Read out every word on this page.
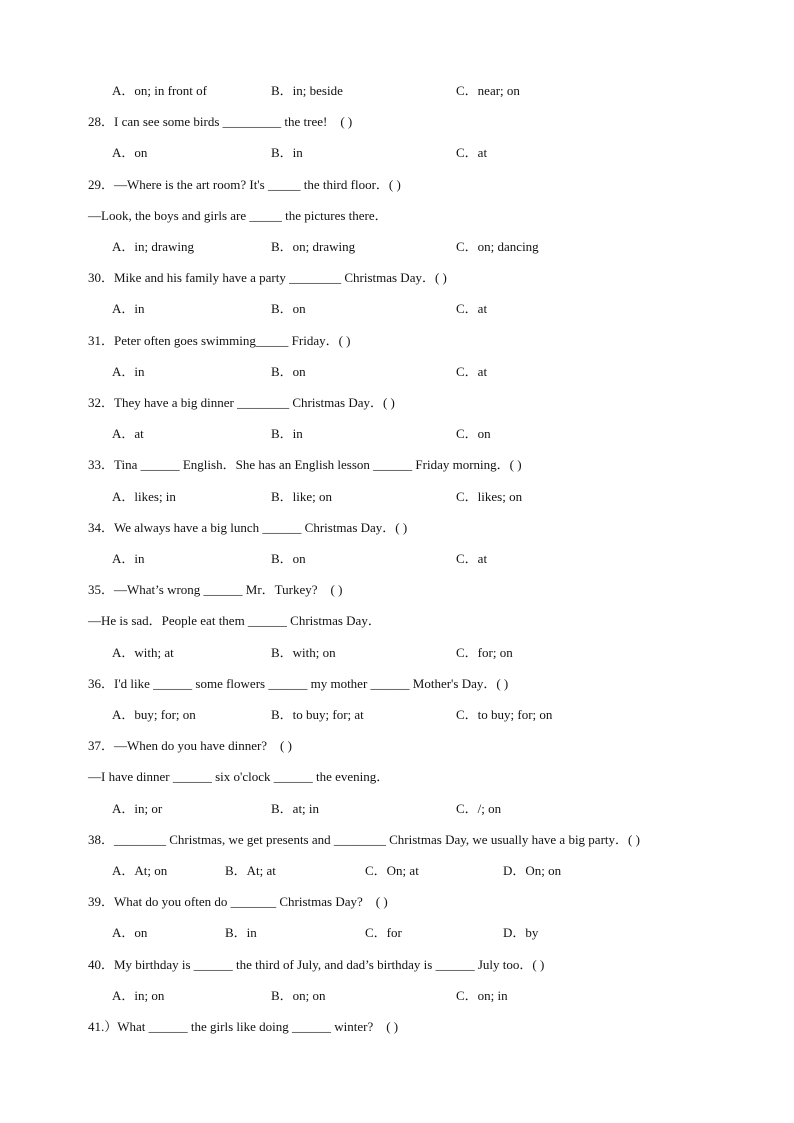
A．on; in front of	B．in; beside	C．near; on
28．I can see some birds _________ the tree!　( )
A．on	B．in	C．at
29．—Where is the art room? It's _____ the third floor．( )
—Look, the boys and girls are _____ the pictures there．
A．in; drawing	B．on; drawing	C．on; dancing
30．Mike and his family have a party ________ Christmas Day．( )
A．in	B．on	C．at
31．Peter often goes swimming_____ Friday．( )
A．in	B．on	C．at
32．They have a big dinner ________ Christmas Day．( )
A．at	B．in	C．on
33．Tina ______ English．She has an English lesson ______ Friday morning．( )
A．likes; in	B．like; on	C．likes; on
34．We always have a big lunch ______ Christmas Day．( )
A．in	B．on	C．at
35．—What’s wrong ______ Mr．Turkey?　( )
—He is sad．People eat them ______ Christmas Day．
A．with; at	B．with; on	C．for; on
36．I'd like ______ some flowers ______ my mother ______ Mother's Day．( )
A．buy; for; on	B．to buy; for; at	C．to buy; for; on
37．—When do you have dinner?　( )
—I have dinner ______ six o'clock ______ the evening．
A．in; or	B．at; in	C．/; on
38．________ Christmas, we get presents and ________ Christmas Day, we usually have a big party．( )
A．At; on	B．At; at	C．On; at	D．On; on
39．What do you often do _______ Christmas Day?　( )
A．on	B．in	C．for	D．by
40．My birthday is ______ the third of July, and dad’s birthday is ______ July too．( )
A．in; on	B．on; on	C．on; in
41.）What ______ the girls like doing ______ winter?　( )
